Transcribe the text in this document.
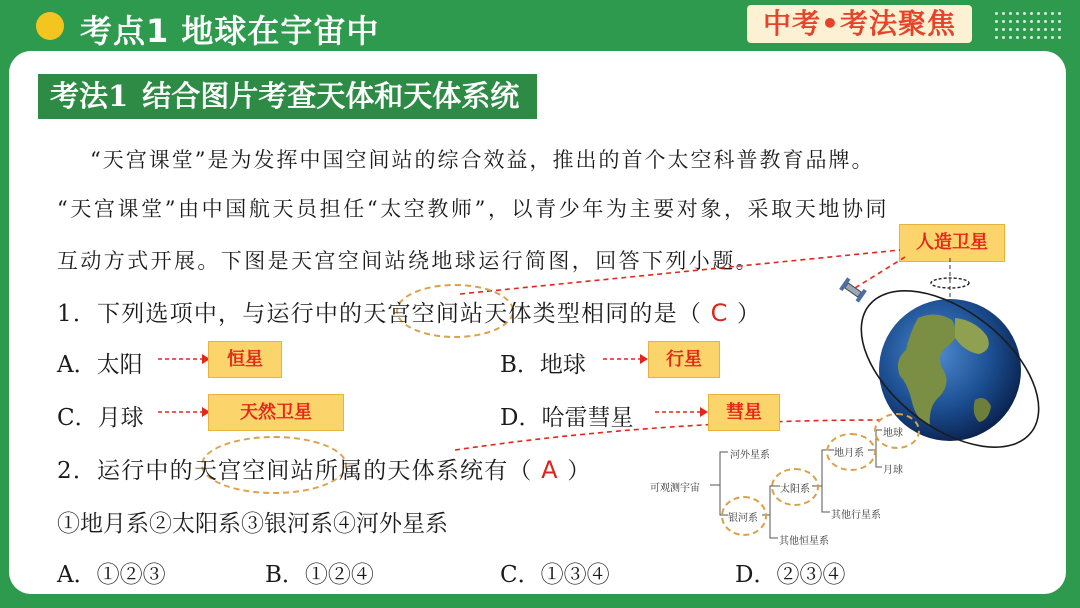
考点1 地球在宇宙中	中考•考法聚焦
考法1 结合图片考查天体和天体系统
“天宫课堂”是为发挥中国空间站的综合效益，推出的首个太空科普教育品牌。
“天宫课堂”由中国航天员担任“太空教师”，以青少年为主要对象，采取天地协同
互动方式开展。下图是天宫空间站绕地球运行简图，回答下列小题。
人造卫星
1．下列选项中，与运行中的天宫空间站天体类型相同的是（ C ）
A．太阳	恒星	B．地球	行星
C．月球	天然卫星	D．哈雷彗星	彗星
2．运行中的天宫空间站所属的天体系统有（ A ）
①地月系②太阳系③银河系④河外星系
A．①②③	B．①②④	C．①③④	D．②③④
可观测宇宙
河外星系
银河系
其他恒星系
太阳系
地月系
其他行星系
地球
月球
